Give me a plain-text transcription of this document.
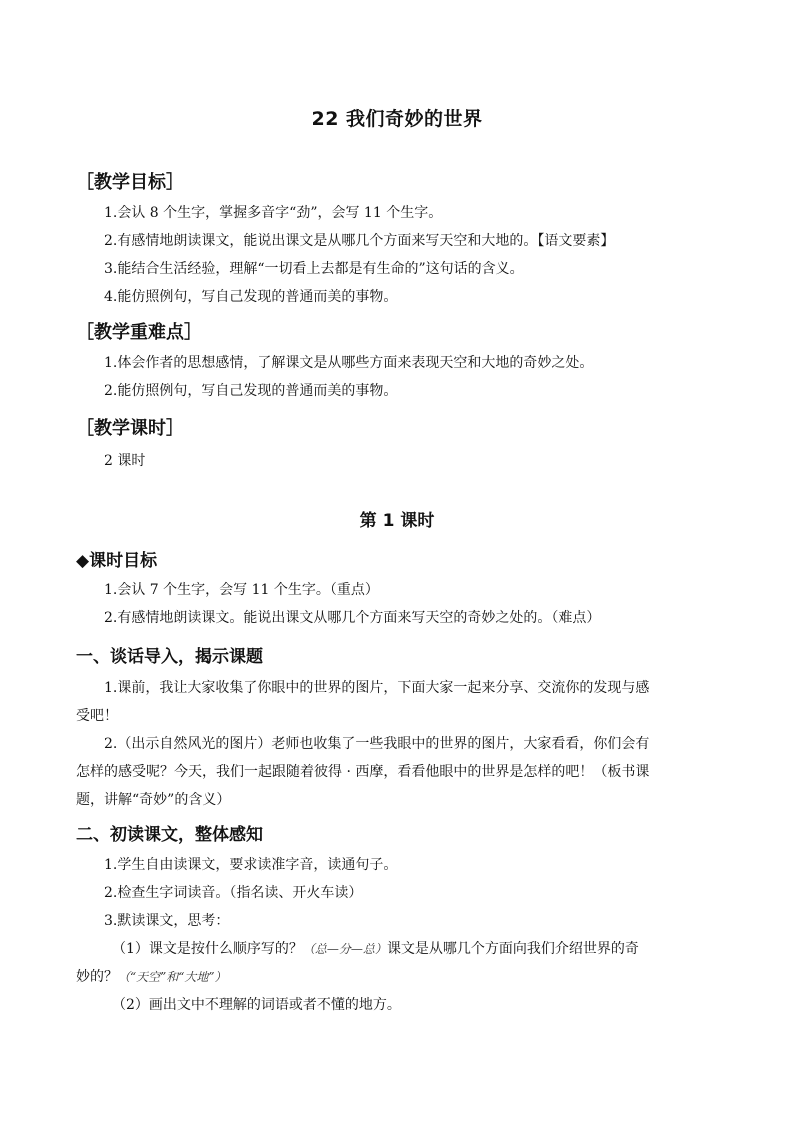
22 我们奇妙的世界
［教学目标］
1.会认 8 个生字，掌握多音字“劲”，会写 11 个生字。
2.有感情地朗读课文，能说出课文是从哪几个方面来写天空和大地的。【语文要素】
3.能结合生活经验，理解“一切看上去都是有生命的”这句话的含义。
4.能仿照例句，写自己发现的普通而美的事物。
［教学重难点］
1.体会作者的思想感情，了解课文是从哪些方面来表现天空和大地的奇妙之处。
2.能仿照例句，写自己发现的普通而美的事物。
［教学课时］
2 课时
第 1 课时
◆课时目标
1.会认 7 个生字，会写 11 个生字。（重点）
2.有感情地朗读课文。能说出课文从哪几个方面来写天空的奇妙之处的。（难点）
一、谈话导入，揭示课题
1.课前，我让大家收集了你眼中的世界的图片，下面大家一起来分享、交流你的发现与感
受吧！
2.（出示自然风光的图片）老师也收集了一些我眼中的世界的图片，大家看看，你们会有
怎样的感受呢？今天，我们一起跟随着彼得 · 西摩，看看他眼中的世界是怎样的吧！（板书课
题，讲解“奇妙”的含义）
二、初读课文，整体感知
1.学生自由读课文，要求读准字音，读通句子。
2.检查生字词读音。（指名读、开火车读）
3.默读课文，思考：
（1）课文是按什么顺序写的？（总—分—总）课文是从哪几个方面向我们介绍世界的奇
妙的？（“天空”和“大地”）
（2）画出文中不理解的词语或者不懂的地方。
